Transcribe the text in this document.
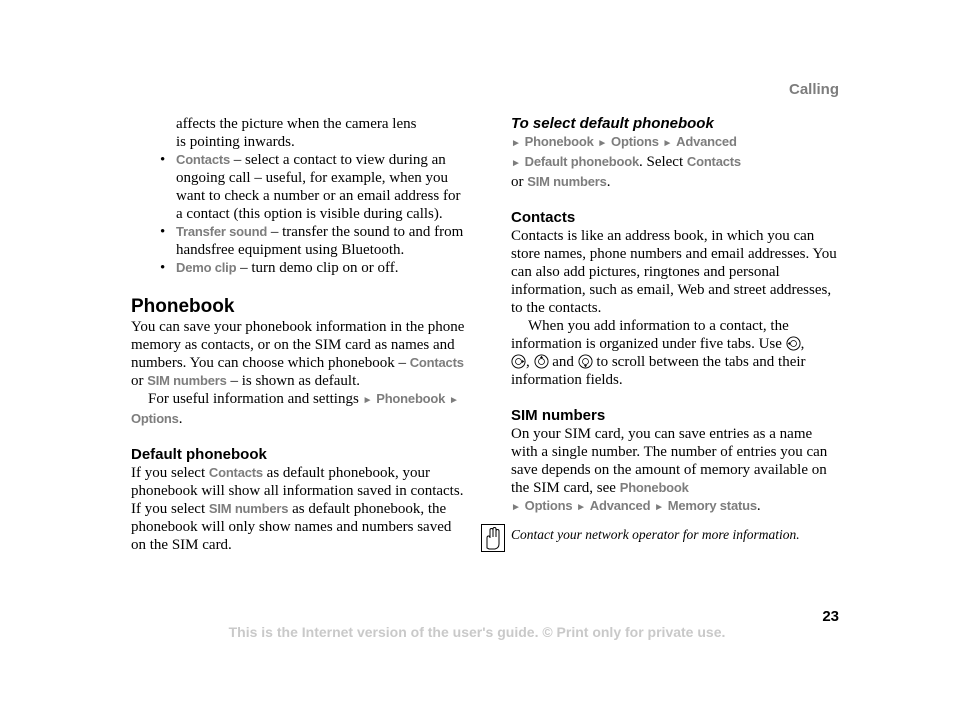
Calling

affects the picture when the camera lens
is pointing inwards.

• Contacts – select a contact to view during an ongoing call – useful, for example, when you want to check a number or an email address for a contact (this option is visible during calls).
• Transfer sound – transfer the sound to and from handsfree equipment using Bluetooth.
• Demo clip – turn demo clip on or off.
Phonebook

You can save your phonebook information in the phone memory as contacts, or on the SIM card as names and numbers. You can choose which phonebook – Contacts or SIM numbers – is shown as default.

For useful information and settings ► Phonebook ► Options.

Default phonebook

If you select Contacts as default phonebook, your phonebook will show all information saved in contacts. If you select SIM numbers as default phonebook, the phonebook will only show names and numbers saved on the SIM card.

To select default phonebook

► Phonebook ► Options ► Advanced
► Default phonebook. Select Contacts
or SIM numbers.

Contacts

Contacts is like an address book, in which you can store names, phone numbers and email addresses. You can also add pictures, ringtones and personal information, such as email, Web and street addresses, to the contacts.

When you add information to a contact, the information is organized under five tabs. Use ,
,  and  to scroll between the tabs and their information fields.

SIM numbers

On your SIM card, you can save entries as a name with a single number. The number of entries you can save depends on the amount of memory available on the SIM card, see Phonebook
► Options ► Advanced ► Memory status.

Contact your network operator for more information.
23
This is the Internet version of the user's guide. © Print only for private use.
